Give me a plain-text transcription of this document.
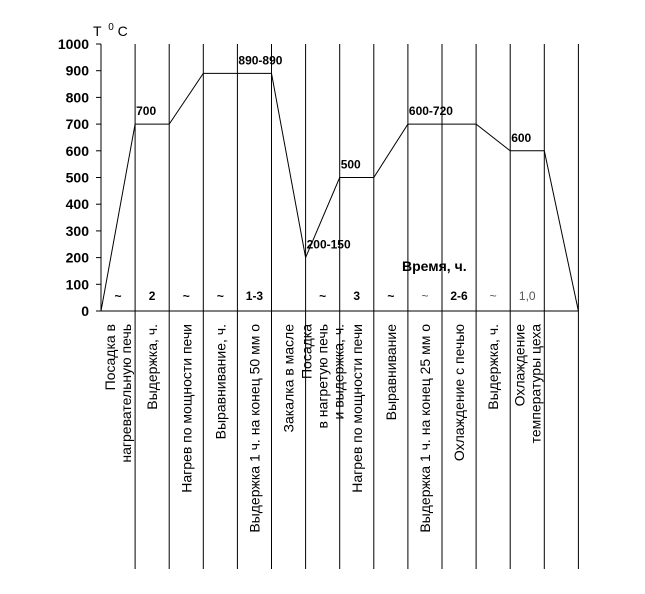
0
100
200
300
400
500
600
700
800
900
1000
T $^0$ C
Время, ч.
700
890-890
200-150
500
600-720
600
~ 2 ~ ~ 1-3	~ 3 ~ ~ 2-6 ~ 1,0
Посадка в нагревательную печь Выдержка, ч. Нагрев по мощности печи Выравнивание, ч. Выдержка 1 ч. на конец 50 мм о Закалка в масле Посадка в нагретую печь и выдержка, ч. Нагрев по мощности печи Выравнивание Выдержка 1 ч. на конец 25 мм о Охлаждение с печью Выдержка, ч. Охлаждение температуры цеха
